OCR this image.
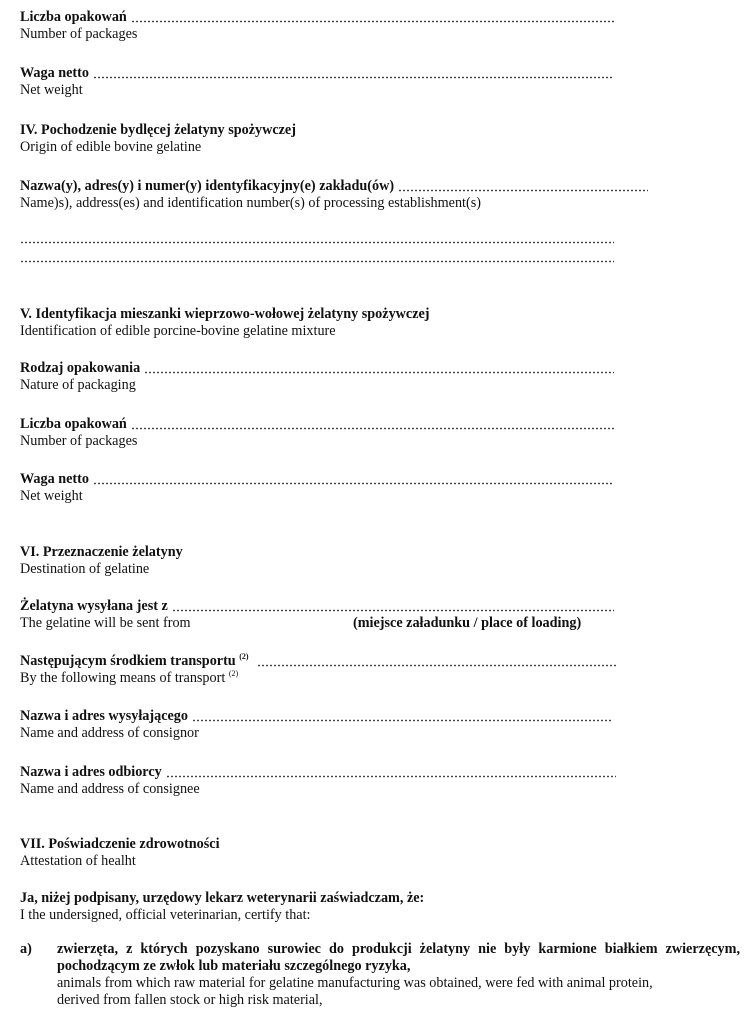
Liczba opakowań
Number of packages
Waga netto
Net weight
IV. Pochodzenie bydlęcej żelatyny spożywczej
Origin of edible bovine gelatine
Nazwa(y), adres(y) i numer(y) identyfikacyjny(e) zakładu(ów)
Name)s), address(es) and identification number(s) of processing establishment(s)
V. Identyfikacja mieszanki wieprzowo-wołowej żelatyny spożywczej
Identification of edible porcine-bovine gelatine mixture
Rodzaj opakowania
Nature of packaging
Liczba opakowań
Number of packages
Waga netto
Net weight
VI. Przeznaczenie żelatyny
Destination of gelatine
Żelatyna wysyłana jest z
The gelatine will be sent from	(miejsce załadunku / place of loading)
Następującym środkiem transportu $^{(2)}$
By the following means of transport $^{(2)}$
Nazwa i adres wysyłającego
Name and address of consignor
Nazwa i adres odbiorcy
Name and address of consignee
VII. Poświadczenie zdrowotności
Attestation of healht
Ja, niżej podpisany, urzędowy lekarz weterynarii zaświadczam, że:
I the undersigned, official veterinarian, certify that:
a) zwierzęta, z których pozyskano surowiec do produkcji żelatyny nie były karmione białkiem zwierzęcym, pochodzącym ze zwłok lub materiału szczególnego ryzyka,
animals from which raw material for gelatine manufacturing was obtained, were fed with animal protein,
derived from fallen stock or high risk material,
